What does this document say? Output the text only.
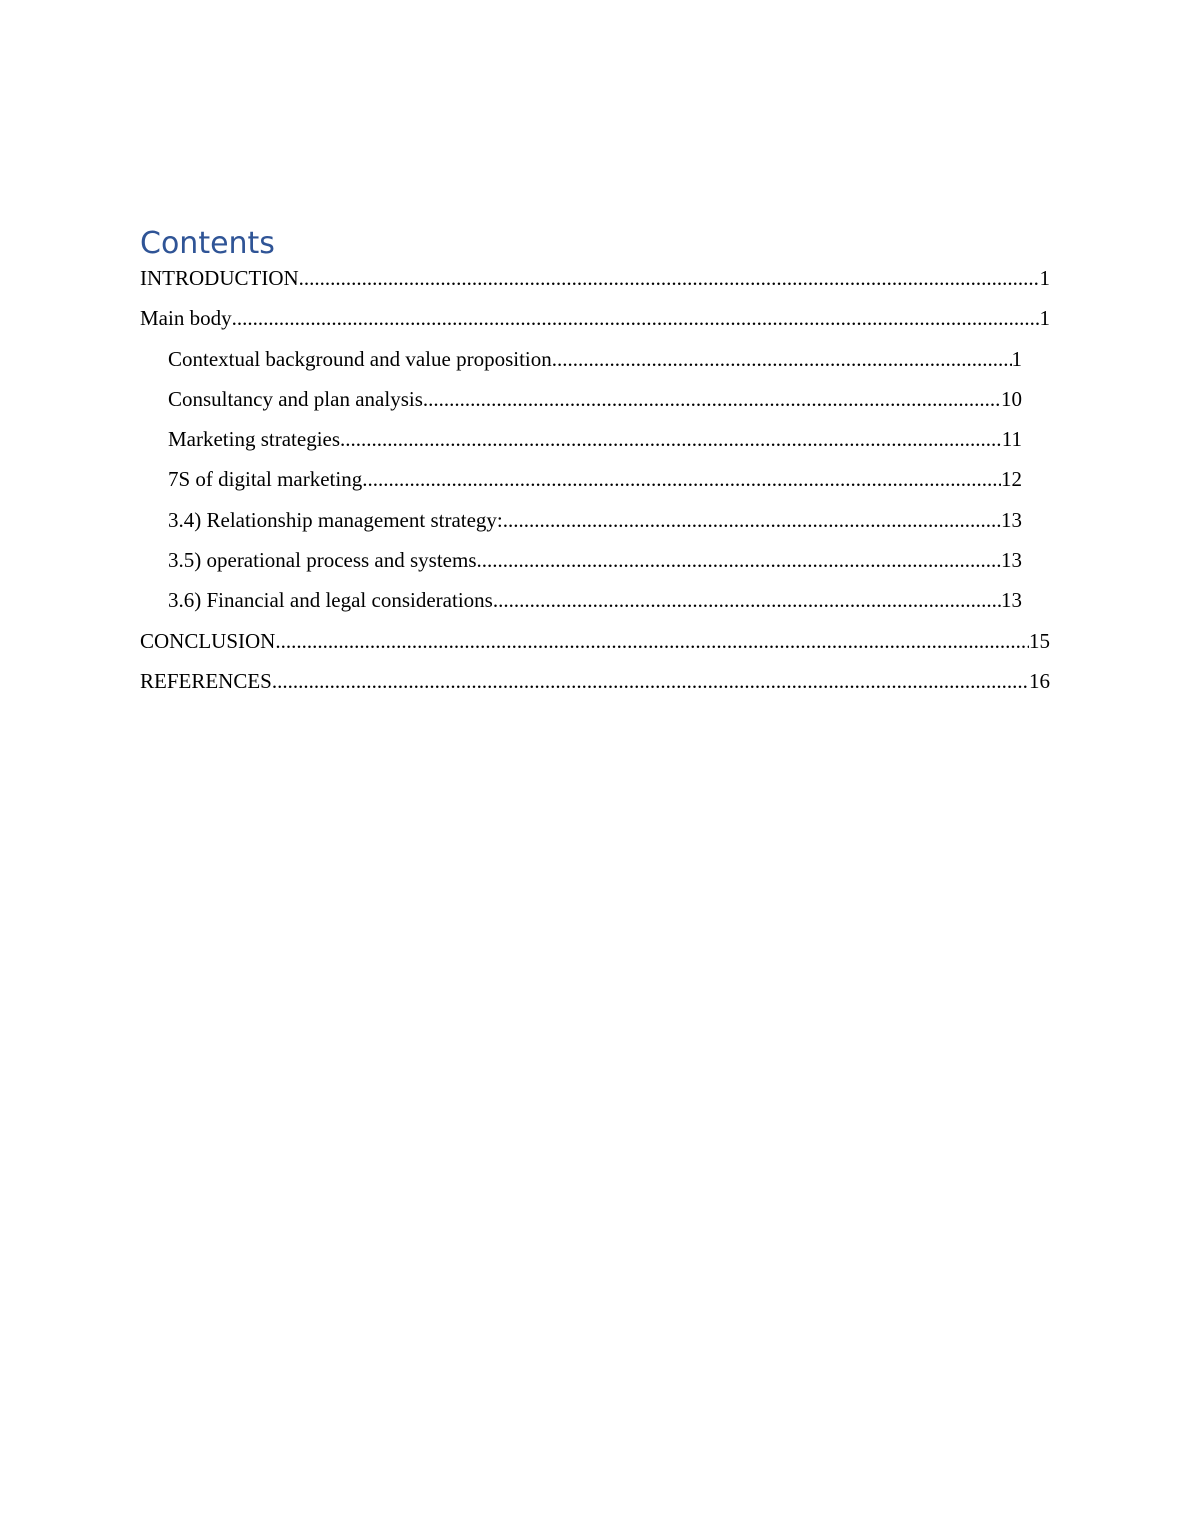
Contents
INTRODUCTION .....	1
Main body .....	1
Contextual background and value proposition .....	1
Consultancy and plan analysis .....	10
Marketing strategies .....	11
7S of digital marketing .....	12
3.4) Relationship management strategy: .....	13
3.5) operational process and systems .....	13
3.6) Financial and legal considerations .....	13
CONCLUSION .....	15
REFERENCES .....	16
